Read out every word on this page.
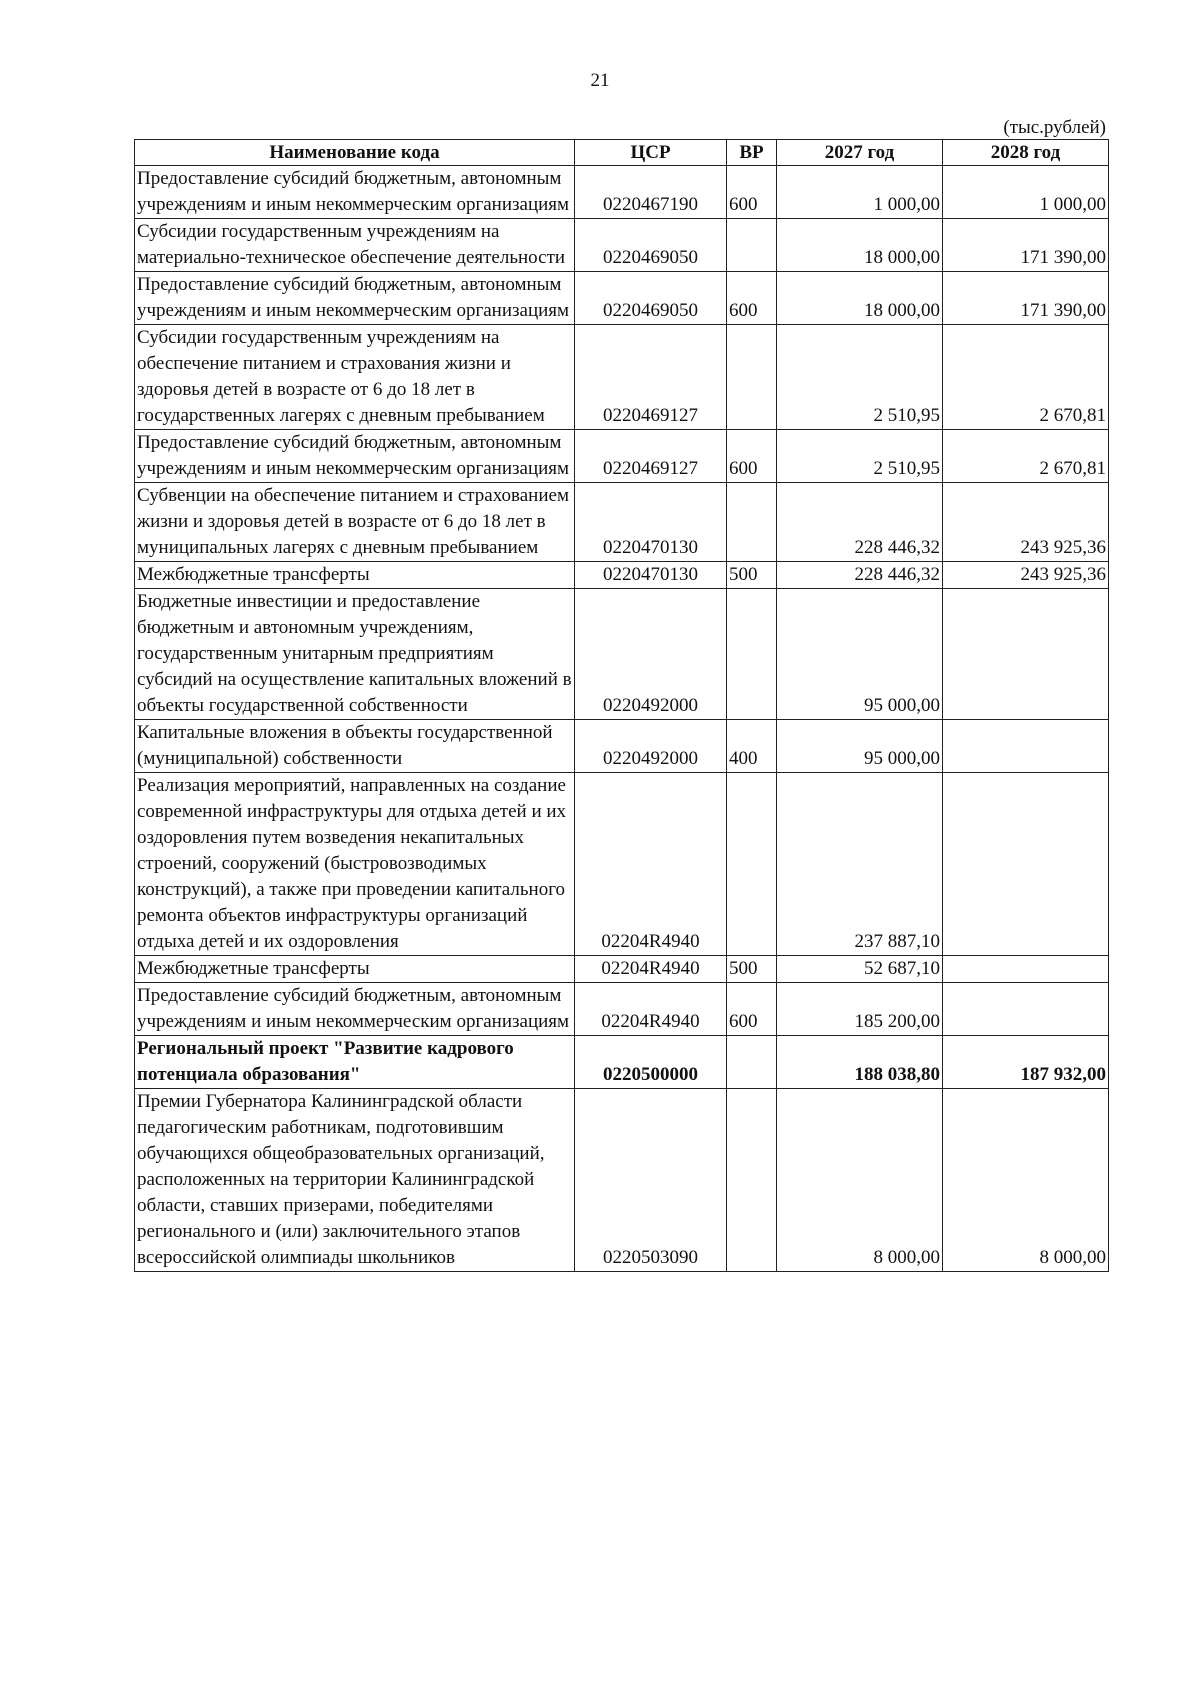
21
(тыс.рублей)
Наименование кода	ЦСР	ВР	2027 год	2028 год
Предоставление субсидий бюджетным, автономным учреждениям и иным некоммерческим организациям	0220467190	600	1 000,00	1 000,00
Субсидии государственным учреждениям на материально-техническое обеспечение деятельности	0220469050		18 000,00	171 390,00
Предоставление субсидий бюджетным, автономным учреждениям и иным некоммерческим организациям	0220469050	600	18 000,00	171 390,00
Субсидии государственным учреждениям на обеспечение питанием и страхования жизни и здоровья детей в возрасте от 6 до 18 лет в государственных лагерях с дневным пребыванием	0220469127		2 510,95	2 670,81
Предоставление субсидий бюджетным, автономным учреждениям и иным некоммерческим организациям	0220469127	600	2 510,95	2 670,81
Субвенции на обеспечение питанием и страхованием жизни и здоровья детей в возрасте от 6 до 18 лет в муниципальных лагерях с дневным пребыванием	0220470130		228 446,32	243 925,36
Межбюджетные трансферты	0220470130	500	228 446,32	243 925,36
Бюджетные инвестиции и предоставление бюджетным и автономным учреждениям, государственным унитарным предприятиям субсидий на осуществление капитальных вложений в объекты государственной собственности	0220492000		95 000,00	
Капитальные вложения в объекты государственной (муниципальной) собственности	0220492000	400	95 000,00	
Реализация мероприятий, направленных на создание современной инфраструктуры для отдыха детей и их оздоровления путем возведения некапитальных строений, сооружений (быстровозводимых конструкций), а также при проведении капитального ремонта объектов инфраструктуры организаций отдыха детей и их оздоровления	02204R4940		237 887,10	
Межбюджетные трансферты	02204R4940	500	52 687,10	
Предоставление субсидий бюджетным, автономным учреждениям и иным некоммерческим организациям	02204R4940	600	185 200,00	
Региональный проект "Развитие кадрового потенциала образования"	0220500000		188 038,80	187 932,00
Премии Губернатора Калининградской области педагогическим работникам, подготовившим обучающихся общеобразовательных организаций, расположенных на территории Калининградской области, ставших призерами, победителями регионального и (или) заключительного этапов всероссийской олимпиады школьников	0220503090		8 000,00	8 000,00
